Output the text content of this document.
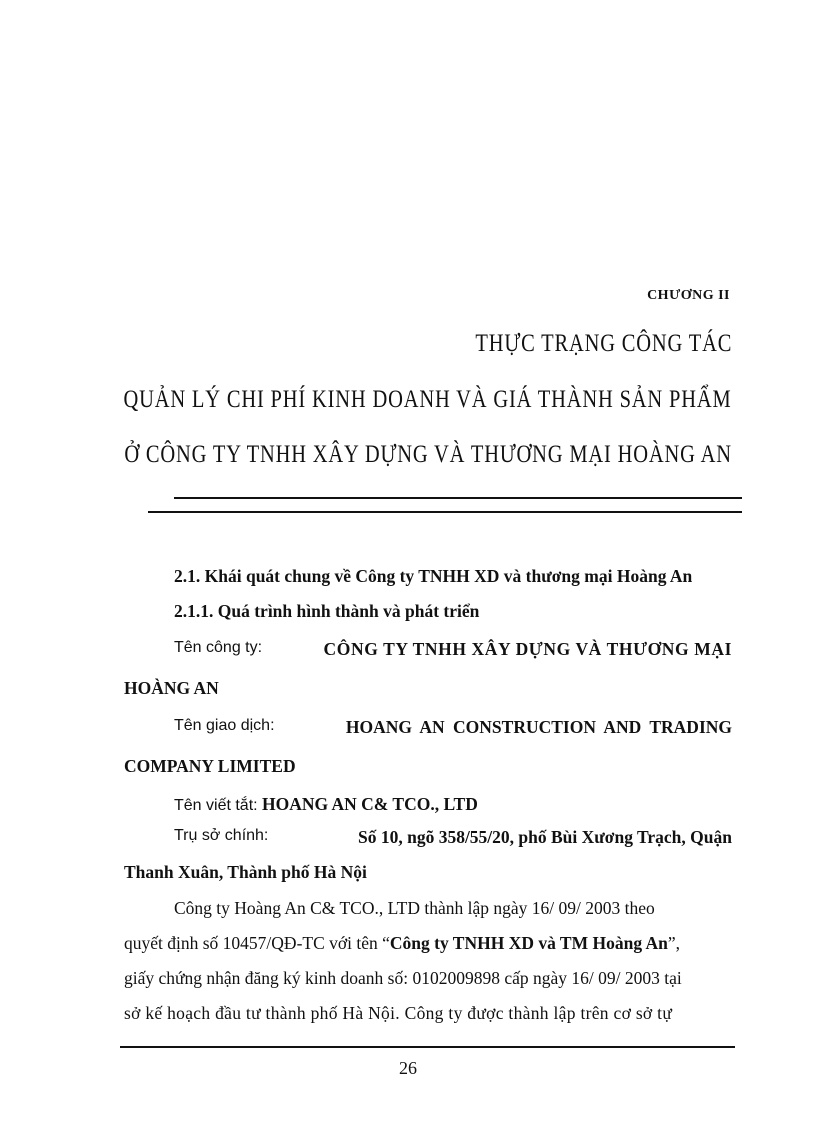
CHƯƠNG II
THỰC TRẠNG CÔNG TÁC
QUẢN LÝ CHI PHÍ KINH DOANH VÀ GIÁ THÀNH SẢN PHẨM
Ở CÔNG TY TNHH XÂY DỰNG VÀ THƯƠNG MẠI HOÀNG AN
2.1. Khái quát chung về Công ty TNHH XD và thương mại Hoàng An
2.1.1. Quá trình hình thành và phát triển
Tên công ty:	CÔNG TY TNHH XÂY DỰNG VÀ THƯƠNG MẠI
HOÀNG AN
Tên giao dịch:	HOANG AN CONSTRUCTION AND TRADING
COMPANY LIMITED
Tên viết tắt: HOANG AN C& TCO., LTD
Trụ sở chính:	Số 10, ngõ 358/55/20, phố Bùi Xương Trạch, Quận
Thanh Xuân, Thành phố Hà Nội
Công ty Hoàng An C& TCO., LTD thành lập ngày 16/ 09/ 2003 theo
quyết định số 10457/QĐ-TC với tên “Công ty TNHH XD và TM Hoàng An”,
giấy chứng nhận đăng ký kinh doanh số: 0102009898 cấp ngày 16/ 09/ 2003 tại
sở kế hoạch đầu tư thành phố Hà Nội. Công ty được thành lập trên cơ sở tự
26
